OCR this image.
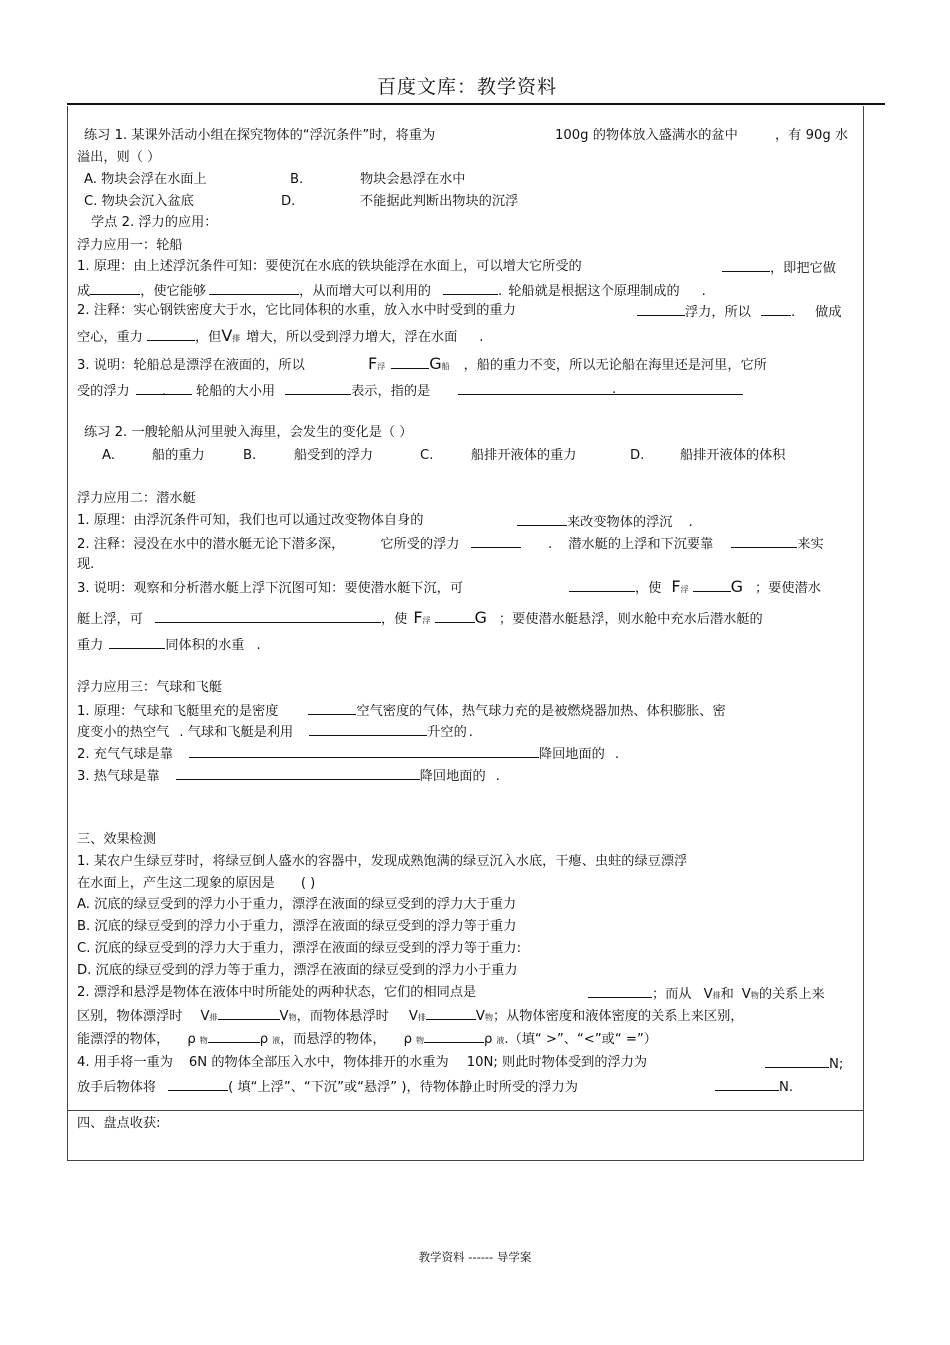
百度文库：教学资料
练习 1. 某课外活动小组在探究物体的“浮沉条件”时，将重为	100g 的物体放入盛满水的盆中	，有 90g 水
溢出，则（ ）
A. 物块会浮在水面上	B.	物块会悬浮在水中
C. 物块会沉入盆底	D.	不能据此判断出物块的沉浮
学点 2. 浮力的应用：
浮力应用一：轮船
1. 原理：由上述浮沉条件可知：要使沉在水底的铁块能浮在水面上，可以增大它所受的	，即把它做
成	，使它能够	，从而增大可以利用的	. 轮船就是根据这个原理制成的 .
2. 注释：实心钢铁密度大于水，它比同体积的水重，放入水中时受到的重力	浮力，所以	. 做成
空心，重力	，但V排 增大，所以受到浮力增大，浮在水面 .
3. 说明：轮船总是漂浮在液面的，所以	F浮	G船 ，船的重力不变，所以无论船在海里还是河里，它所
受的浮力 . 轮船的大小用	表示，指的是	.
练习 2. 一艘轮船从河里驶入海里，会发生的变化是（ ）
A.	船的重力	B.	船受到的浮力	C.	船排开液体的重力	D.	船排开液体的体积
浮力应用二：潜水艇
1. 原理：由浮沉条件可知，我们也可以通过改变物体自身的	来改变物体的浮沉 .
2. 注释：浸没在水中的潜水艇无论下潜多深，	它所受的浮力	. 潜水艇的上浮和下沉要靠	来实
现.
3. 说明：观察和分析潜水艇上浮下沉图可知：要使潜水艇下沉，可	，使 F浮	G ；要使潜水
艇上浮，可	，使 F浮	G ；要使潜水艇悬浮，则水舱中充水后潜水艇的
重力	同体积的水重 .
浮力应用三：气球和飞艇
1. 原理：气球和飞艇里充的是密度	空气密度的气体，热气球力充的是被燃烧器加热、体积膨胀、密
度变小的热空气 . 气球和飞艇是利用	升空的 .
2. 充气气球是靠	降回地面的 .
3. 热气球是靠	降回地面的 .
三、效果检测
1. 某农户生绿豆芽时，将绿豆倒人盛水的容器中，发现成熟饱满的绿豆沉入水底，干瘪、虫蛀的绿豆漂浮
在水面上，产生这二现象的原因是 ( )
A. 沉底的绿豆受到的浮力小于重力，漂浮在液面的绿豆受到的浮力大于重力
B. 沉底的绿豆受到的浮力小于重力，漂浮在液面的绿豆受到的浮力等于重力
C. 沉底的绿豆受到的浮力大于重力，漂浮在液面的绿豆受到的浮力等于重力:
D. 沉底的绿豆受到的浮力等于重力，漂浮在液面的绿豆受到的浮力小于重力
2. 漂浮和悬浮是物体在液体中时所能处的两种状态，它们的相同点是	；而从 V排和 V物的关系上来
区别，物体漂浮时 V排	V物，而物体悬浮时 V排	V物；从物体密度和液体密度的关系上来区别，
能漂浮的物体， ρ 物	ρ 液，而悬浮的物体， ρ 物	ρ 液.（填“ >”、“<”或“ =”）
4. 用手将一重为 6N 的物体全部压入水中，物体排开的水重为 10N; 则此时物体受到的浮力为	N;
放手后物体将	( 填“上浮”、“下沉”或“悬浮” )，待物体静止时所受的浮力为	N.
四、盘点收获:
教学资料 ------ 导学案
